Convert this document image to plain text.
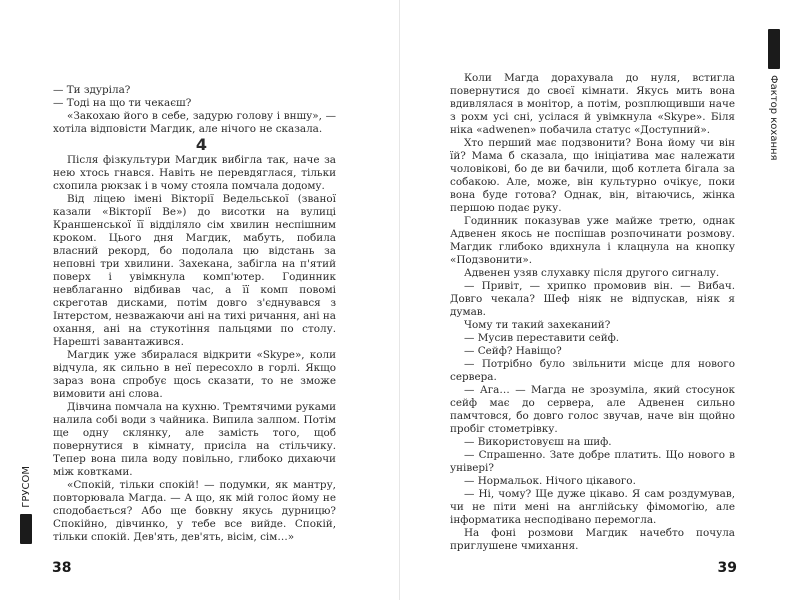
— Ти здуріла?

— Тоді на що ти чекаєш?

«Закохаю його в себе, задурю голову і вншу», — хотіла відповісти Магдик, але нічого не сказала.

4

Після фізкультури Магдик вибігла так, наче за нею хтось гнався. Навіть не перевдяглася, тільки схопила рюкзак і в чому стояла помчала додому.

Від ліцею імені Вікторії Ведельської (званої казали «Вікторії Ве») до висотки на вулиці Краншенської її відділяло сім хвилин неспішним кроком. Цього дня Магдик, мабуть, побила власний рекорд, бо подолала цю відстань за неповні три хвилини. Захекана, забігла на п'ятий поверх і увімкнула комп'ютер. Годинник невблаганно відбивав час, а її комп повомі скреготав дисками, потім довго з'єднувався з Інтерстом, незважаючи ані на тихі ричання, ані на охання, ані на стукотіння пальцями по столу. Нарешті завантажився.

Магдик уже збиралася відкрити «Skype», коли відчула, як сильно в неї пересохло в горлі. Якщо зараз вона спробує щось сказати, то не зможе вимовити ані слова.

Дівчина помчала на кухню. Тремтячими руками налила собі води з чайника. Випила залпом. Потім ще одну склянку, але замість того, щоб повернутися в кімнату, присіла на стільчику. Тепер вона пила воду повільно, глибоко дихаючи між ковтками.

«Спокій, тільки спокій! — подумки, як мантру, повторювала Магда. — А що, як мій голос йому не сподобається? Або ще бовкну якусь дурницю? Спокійно, дівчинко, у тебе все вийде. Спокій, тільки спокій. Дев'ять, дев'ять, вісім, сім…»

38
ГРУСОМ

Коли Магда дорахувала до нуля, встигла повернутися до своєї кімнати. Якусь мить вона вдивлялася в монітор, а потім, розплющивши наче з рохм усі сні, усілася й увімкнула «Skype». Біля ніка «adwenen» побачила статус «Доступний».

Хто перший має подзвонити? Вона йому чи він їй? Мама б сказала, що ініціатива має належати чоловікові, бо де ви бачили, щоб котлета бігала за собакою. Але, може, він культурно очікує, поки вона буде готова? Однак, він, вітаючись, жінка першою подає руку.

Годинник показував уже майже третю, однак Адвенен якось не поспішав розпочинати розмову. Магдик глибоко вдихнула і клацнула на кнопку «Подзвонити».

Адвенен узяв слухавку після другого сигналу.

— Привіт, — хрипко промовив він. — Вибач. Довго чекала? Шеф ніяк не відпускав, ніяк я думав.

Чому ти такий захеканий?

— Мусив переставити сейф.

— Сейф? Навіщо?

— Потрібно було звільнити місце для нового сервера.

— Ага… — Магда не зрозуміла, який стосунок сейф має до сервера, але Адвенен сильно памчтовся, бо довго голос звучав, наче він щойно пробіг стометрівку.

— Використовуєш на шиф.

— Спрашенно. Зате добре платить. Що нового в універі?

— Нормальок. Нічого цікавого.

— Ні, чому? Ще дуже цікаво. Я сам роздумував, чи не піти мені на англійську фімомогію, але інформатика несподівано перемогла.

На фоні розмови Магдик начебто почула приглушене чмихання.

39
Фактор кохання
